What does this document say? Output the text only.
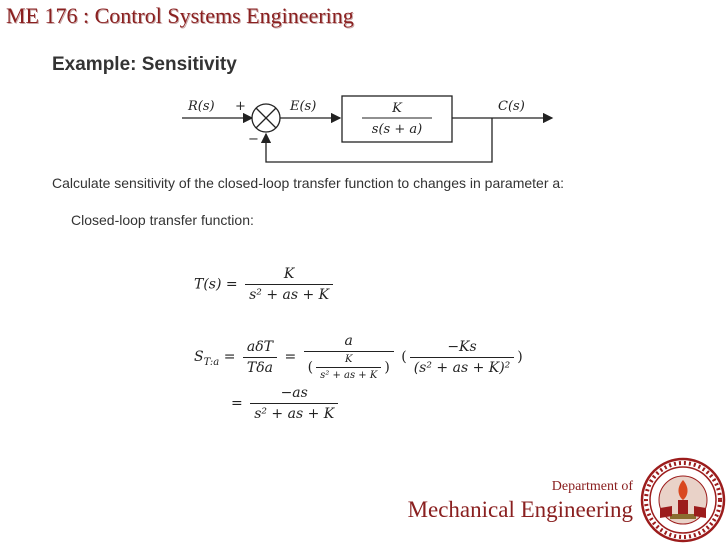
ME 176 : Control Systems Engineering
Example: Sensitivity
R(s) +
−
E(s)	K
s(s + a)
C(s)
Calculate sensitivity of the closed-loop transfer function to changes in parameter a:
Closed-loop transfer function:
$T(s) = \frac{K}{\text{s² + as + K}}$
$S_{T:a} = \frac{\text{aδT}}{\text{Tδa}} = \frac{a}{( \frac{K}{\text{s² + as + K}} )}$ ( $\frac{-Ks}{\text{(s² + as + K)²}}$ )
= $\frac{-as}{\text{s² + as + K}}$
Department of
Mechanical Engineering
